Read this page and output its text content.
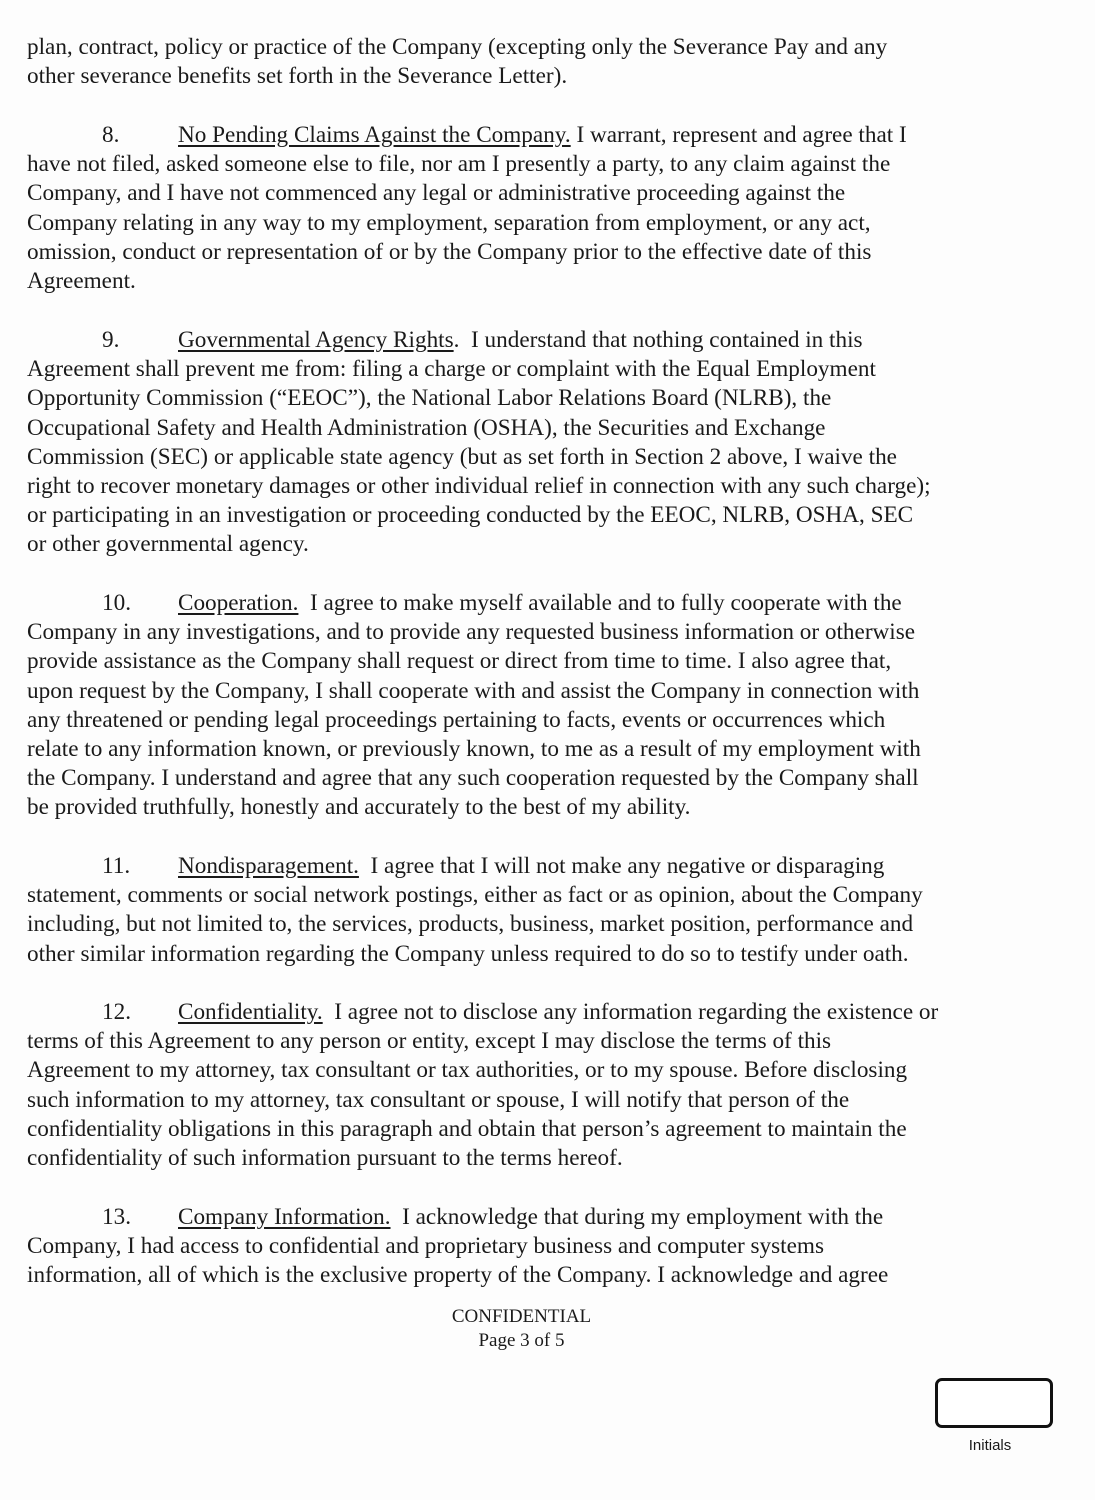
plan, contract, policy or practice of the Company (excepting only the Severance Pay and any
other severance benefits set forth in the Severance Letter).
8.	No Pending Claims Against the Company. I warrant, represent and agree that I
have not filed, asked someone else to file, nor am I presently a party, to any claim against the
Company, and I have not commenced any legal or administrative proceeding against the
Company relating in any way to my employment, separation from employment, or any act,
omission, conduct or representation of or by the Company prior to the effective date of this
Agreement.
9.	Governmental Agency Rights.  I understand that nothing contained in this
Agreement shall prevent me from: filing a charge or complaint with the Equal Employment
Opportunity Commission (“EEOC”), the National Labor Relations Board (NLRB), the
Occupational Safety and Health Administration (OSHA), the Securities and Exchange
Commission (SEC) or applicable state agency (but as set forth in Section 2 above, I waive the
right to recover monetary damages or other individual relief in connection with any such charge);
or participating in an investigation or proceeding conducted by the EEOC, NLRB, OSHA, SEC
or other governmental agency.
10. Cooperation.  I agree to make myself available and to fully cooperate with the
Company in any investigations, and to provide any requested business information or otherwise
provide assistance as the Company shall request or direct from time to time. I also agree that,
upon request by the Company, I shall cooperate with and assist the Company in connection with
any threatened or pending legal proceedings pertaining to facts, events or occurrences which
relate to any information known, or previously known, to me as a result of my employment with
the Company. I understand and agree that any such cooperation requested by the Company shall
be provided truthfully, honestly and accurately to the best of my ability.
11. Nondisparagement.  I agree that I will not make any negative or disparaging
statement, comments or social network postings, either as fact or as opinion, about the Company
including, but not limited to, the services, products, business, market position, performance and
other similar information regarding the Company unless required to do so to testify under oath.
12. Confidentiality.  I agree not to disclose any information regarding the existence or
terms of this Agreement to any person or entity, except I may disclose the terms of this
Agreement to my attorney, tax consultant or tax authorities, or to my spouse. Before disclosing
such information to my attorney, tax consultant or spouse, I will notify that person of the
confidentiality obligations in this paragraph and obtain that person’s agreement to maintain the
confidentiality of such information pursuant to the terms hereof.
13. Company Information.  I acknowledge that during my employment with the
Company, I had access to confidential and proprietary business and computer systems
information, all of which is the exclusive property of the Company. I acknowledge and agree
CONFIDENTIAL
Page 3 of 5
Initials
